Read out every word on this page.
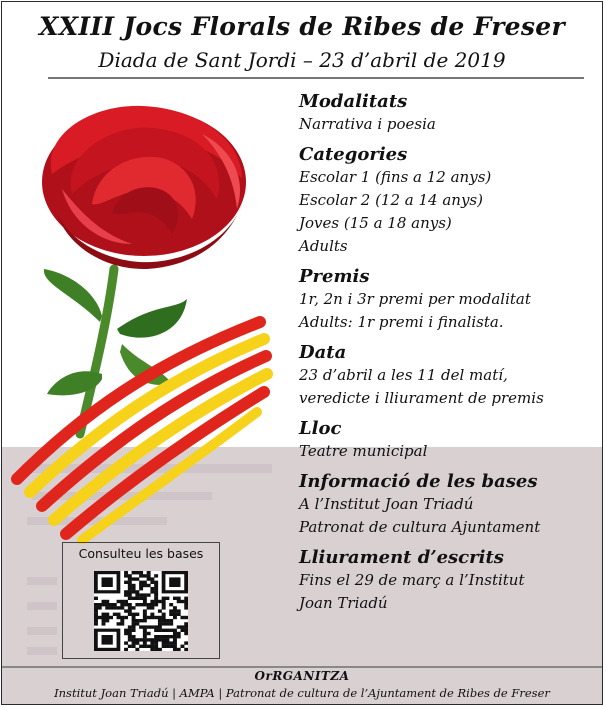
XXIII Jocs Florals de Ribes de Freser
Diada de Sant Jordi – 23 d’abril de 2019
Modalitats
Narrativa i poesia
Categories
Escolar 1 (fins a 12 anys)
Escolar 2 (12 a 14 anys)
Joves (15 a 18 anys)
Adults
Premis
1r, 2n i 3r premi per modalitat
Adults: 1r premi i finalista.
Data
23 d’abril a les 11 del matí,
veredicte i lliurament de premis
Lloc
Teatre municipal
Informació de les bases
A l’Institut Joan Triadú
Patronat de cultura Ajuntament
Lliurament d’escrits
Fins el 29 de març a l’Institut
Joan Triadú
Consulteu les bases
OrRGANITZA
Institut Joan Triadú | AMPA | Patronat de cultura de l’Ajuntament de Ribes de Freser
